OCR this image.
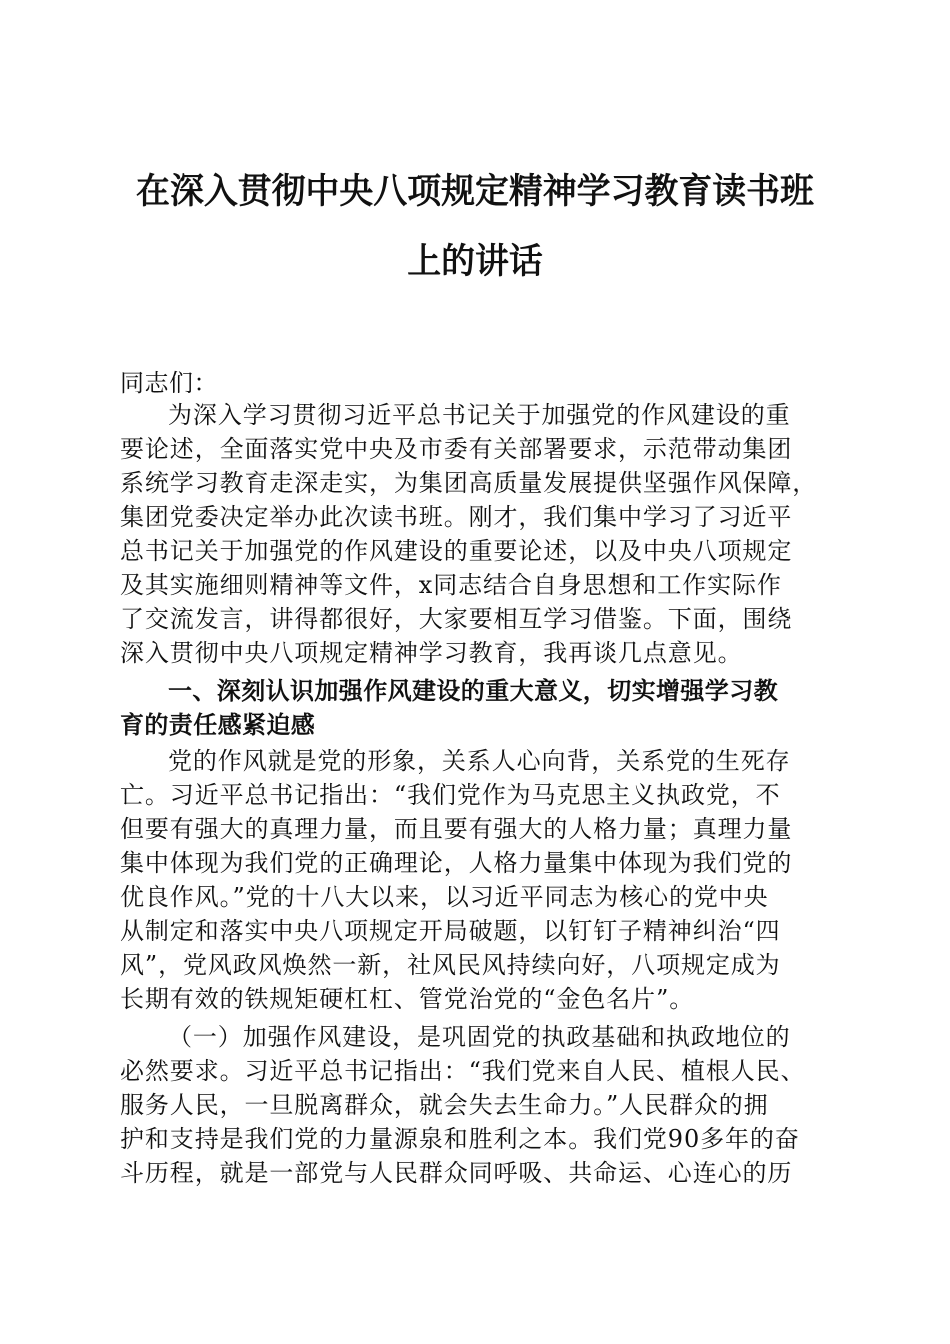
在深入贯彻中央八项规定精神学习教育读书班
上的讲话
同志们：
为深入学习贯彻习近平总书记关于加强党的作风建设的重
要论述，全面落实党中央及市委有关部署要求，示范带动集团
系统学习教育走深走实，为集团高质量发展提供坚强作风保障，
集团党委决定举办此次读书班。刚才，我们集中学习了习近平
总书记关于加强党的作风建设的重要论述，以及中央八项规定
及其实施细则精神等文件，x同志结合自身思想和工作实际作
了交流发言，讲得都很好，大家要相互学习借鉴。下面，围绕
深入贯彻中央八项规定精神学习教育，我再谈几点意见。
一、深刻认识加强作风建设的重大意义，切实增强学习教
育的责任感紧迫感
党的作风就是党的形象，关系人心向背，关系党的生死存
亡。习近平总书记指出：“我们党作为马克思主义执政党，不
但要有强大的真理力量，而且要有强大的人格力量；真理力量
集中体现为我们党的正确理论，人格力量集中体现为我们党的
优良作风。”党的十八大以来，以习近平同志为核心的党中央
从制定和落实中央八项规定开局破题，以钉钉子精神纠治“四
风”，党风政风焕然一新，社风民风持续向好，八项规定成为
长期有效的铁规矩硬杠杠、管党治党的“金色名片”。
（一）加强作风建设，是巩固党的执政基础和执政地位的
必然要求。习近平总书记指出：“我们党来自人民、植根人民、
服务人民，一旦脱离群众，就会失去生命力。”人民群众的拥
护和支持是我们党的力量源泉和胜利之本。我们党90多年的奋
斗历程，就是一部党与人民群众同呼吸、共命运、心连心的历
